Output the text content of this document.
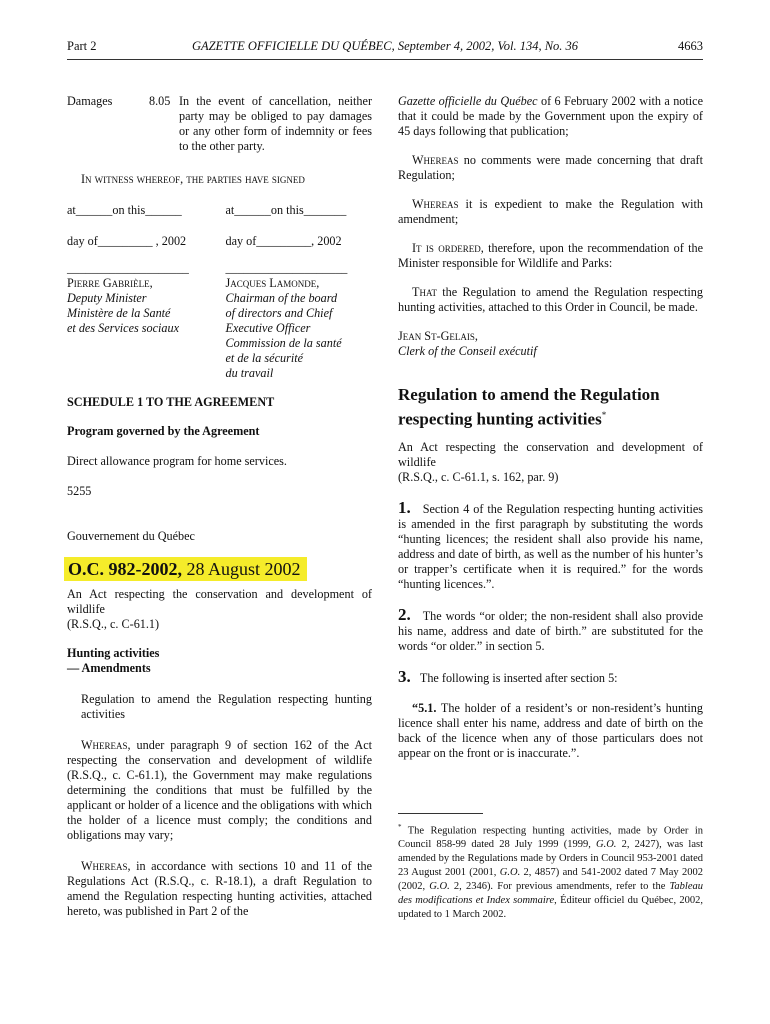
Part 2	GAZETTE OFFICIELLE DU QUÉBEC, September 4, 2002, Vol. 134, No. 36	4663
Damages	8.05 In the event of cancellation, neither party may be obliged to pay damages or any other form of indemnity or fees to the other party.

In witness whereof, the parties have signed

at______on this______	at______on this_______
day of_________ , 2002	day of_________, 2002
____________________
Pierre Gabrièle,
Deputy Minister
Ministère de la Santé
et des Services sociaux
____________________
Jacques Lamonde,
Chairman of the board
of directors and Chief
Executive Officer
Commission de la santé
et de la sécurité
du travail

SCHEDULE 1 TO THE AGREEMENT

Program governed by the Agreement

Direct allowance program for home services.

5255

Gouvernement du Québec

O.C. 982-2002, 28 August 2002

An Act respecting the conservation and development of wildlife

(R.S.Q., c. C-61.1)

Hunting activities

— Amendments

Regulation to amend the Regulation respecting hunting activities

Whereas, under paragraph 9 of section 162 of the Act respecting the conservation and development of wildlife (R.S.Q., c. C-61.1), the Government may make regulations determining the conditions that must be fulfilled by the applicant or holder of a licence and the obligations with which the holder of a licence must comply; the conditions and obligations may vary;

Whereas, in accordance with sections 10 and 11 of the Regulations Act (R.S.Q., c. R-18.1), a draft Regulation to amend the Regulation respecting hunting activities, attached hereto, was published in Part 2 of the

Gazette officielle du Québec of 6 February 2002 with a notice that it could be made by the Government upon the expiry of 45 days following that publication;

Whereas no comments were made concerning that draft Regulation;

Whereas it is expedient to make the Regulation with amendment;

It is ordered, therefore, upon the recommendation of the Minister responsible for Wildlife and Parks:

That the Regulation to amend the Regulation respecting hunting activities, attached to this Order in Council, be made.

Jean St-Gelais,

Clerk of the Conseil exécutif

Regulation to amend the Regulation
respecting hunting activities*

An Act respecting the conservation and development of wildlife

(R.S.Q., c. C-61.1, s. 162, par. 9)

1. Section 4 of the Regulation respecting hunting activities is amended in the first paragraph by substituting the words “hunting licences; the resident shall also provide his name, address and date of birth, as well as the number of his hunter’s or trapper’s certificate when it is required.” for the words “hunting licences.”.

2. The words “or older; the non-resident shall also provide his name, address and date of birth.” are substituted for the words “or older.” in section 5.

3. The following is inserted after section 5:

“5.1. The holder of a resident’s or non-resident’s hunting licence shall enter his name, address and date of birth on the back of the licence when any of those particulars does not appear on the front or is inaccurate.”.

* The Regulation respecting hunting activities, made by Order in Council 858-99 dated 28 July 1999 (1999, G.O. 2, 2427), was last amended by the Regulations made by Orders in Council 953-2001 dated 23 August 2001 (2001, G.O. 2, 4857) and 541-2002 dated 7 May 2002 (2002, G.O. 2, 2346). For previous amendments, refer to the Tableau des modifications et Index sommaire, Éditeur officiel du Québec, 2002, updated to 1 March 2002.
